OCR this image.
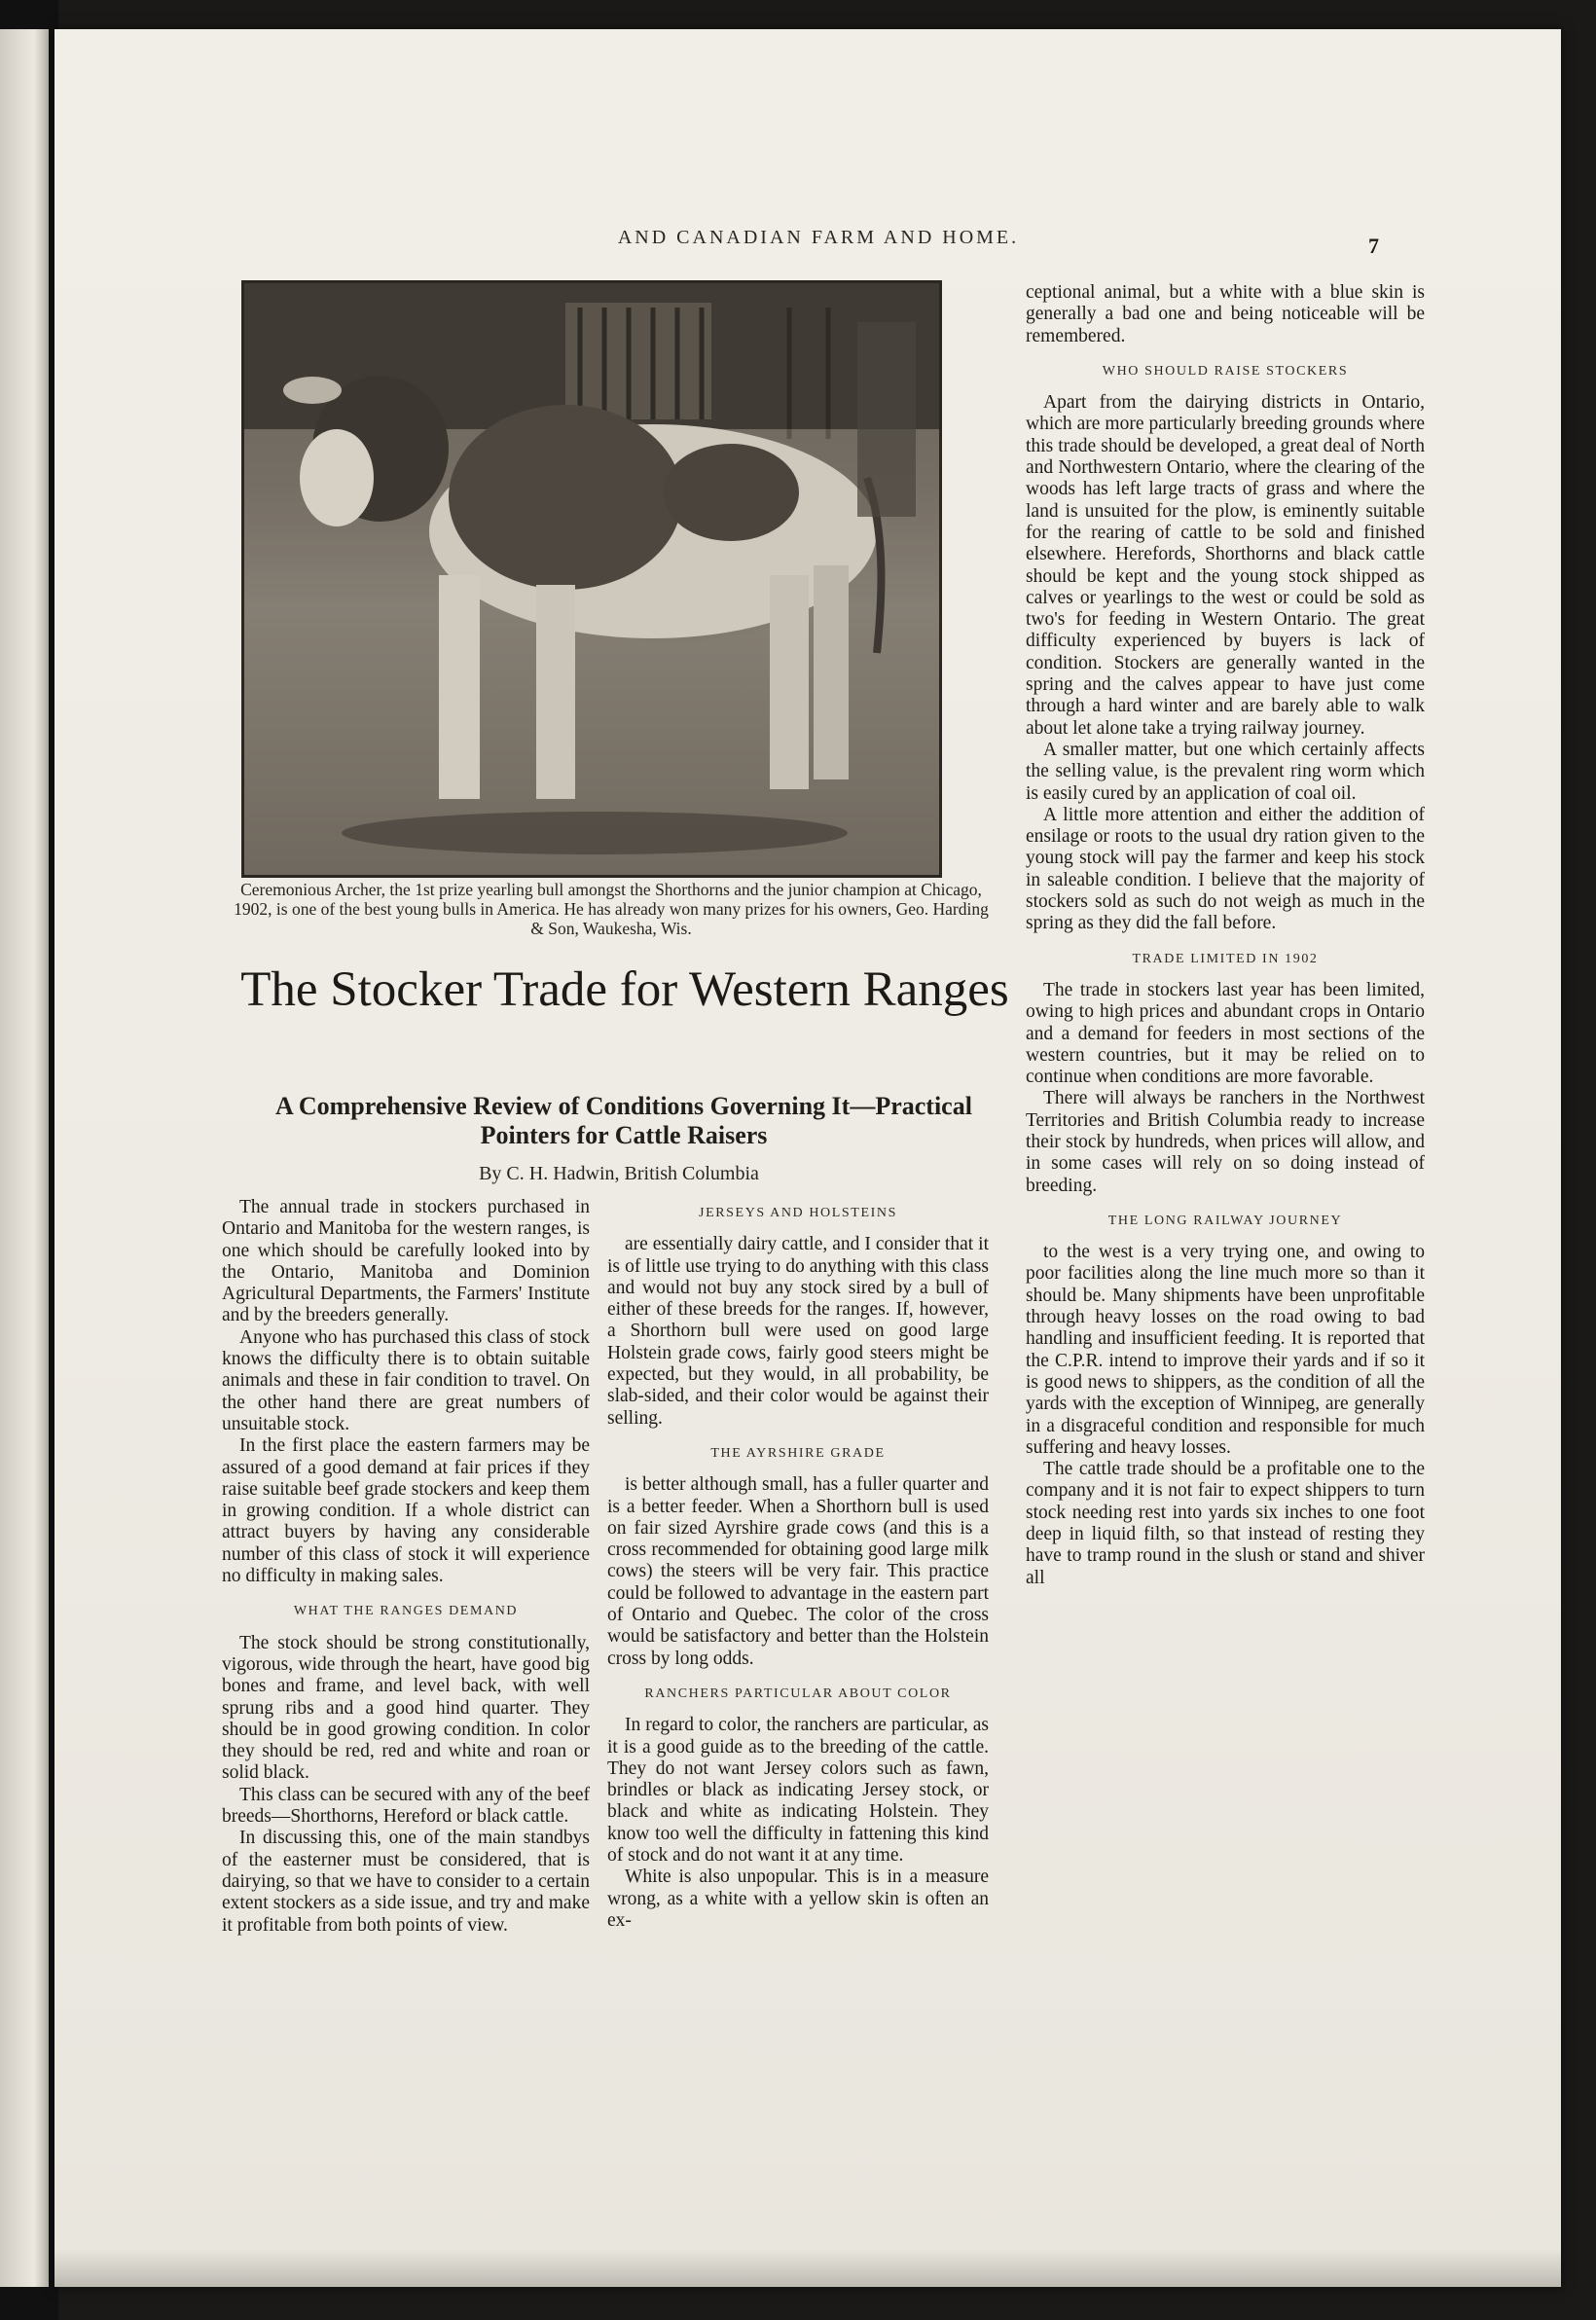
AND CANADIAN FARM AND HOME.	7
Ceremonious Archer, the 1st prize yearling bull amongst the Shorthorns and the junior champion at Chicago, 1902, is one of the best young bulls in America. He has already won many prizes for his owners, Geo. Harding & Son, Waukesha, Wis.
The Stocker Trade for Western Ranges
A Comprehensive Review of Conditions Governing It—Practical Pointers for Cattle Raisers
By C. H. Hadwin, British Columbia

The annual trade in stockers purchased in Ontario and Manitoba for the western ranges, is one which should be carefully looked into by the Ontario, Manitoba and Dominion Agricultural Departments, the Farmers' Institute and by the breeders generally.

Anyone who has purchased this class of stock knows the difficulty there is to obtain suitable animals and these in fair condition to travel. On the other hand there are great numbers of unsuitable stock.

In the first place the eastern farmers may be assured of a good demand at fair prices if they raise suitable beef grade stockers and keep them in growing condition. If a whole district can attract buyers by having any considerable number of this class of stock it will experience no difficulty in making sales.

WHAT THE RANGES DEMAND

The stock should be strong constitutionally, vigorous, wide through the heart, have good big bones and frame, and level back, with well sprung ribs and a good hind quarter. They should be in good growing condition. In color they should be red, red and white and roan or solid black.

This class can be secured with any of the beef breeds—Shorthorns, Hereford or black cattle.

In discussing this, one of the main standbys of the easterner must be considered, that is dairying, so that we have to consider to a certain extent stockers as a side issue, and try and make it profitable from both points of view.

JERSEYS AND HOLSTEINS

are essentially dairy cattle, and I consider that it is of little use trying to do anything with this class and would not buy any stock sired by a bull of either of these breeds for the ranges. If, however, a Shorthorn bull were used on good large Holstein grade cows, fairly good steers might be expected, but they would, in all probability, be slab-sided, and their color would be against their selling.

THE AYRSHIRE GRADE

is better although small, has a fuller quarter and is a better feeder. When a Shorthorn bull is used on fair sized Ayrshire grade cows (and this is a cross recommended for obtaining good large milk cows) the steers will be very fair. This practice could be followed to advantage in the eastern part of Ontario and Quebec. The color of the cross would be satisfactory and better than the Holstein cross by long odds.

RANCHERS PARTICULAR ABOUT COLOR

In regard to color, the ranchers are particular, as it is a good guide as to the breeding of the cattle. They do not want Jersey colors such as fawn, brindles or black as indicating Jersey stock, or black and white as indicating Holstein. They know too well the difficulty in fattening this kind of stock and do not want it at any time.

White is also unpopular. This is in a measure wrong, as a white with a yellow skin is often an ex-

ceptional animal, but a white with a blue skin is generally a bad one and being noticeable will be remembered.

WHO SHOULD RAISE STOCKERS

Apart from the dairying districts in Ontario, which are more particularly breeding grounds where this trade should be developed, a great deal of North and Northwestern Ontario, where the clearing of the woods has left large tracts of grass and where the land is unsuited for the plow, is eminently suitable for the rearing of cattle to be sold and finished elsewhere. Herefords, Shorthorns and black cattle should be kept and the young stock shipped as calves or yearlings to the west or could be sold as two's for feeding in Western Ontario. The great difficulty experienced by buyers is lack of condition. Stockers are generally wanted in the spring and the calves appear to have just come through a hard winter and are barely able to walk about let alone take a trying railway journey.

A smaller matter, but one which certainly affects the selling value, is the prevalent ring worm which is easily cured by an application of coal oil.

A little more attention and either the addition of ensilage or roots to the usual dry ration given to the young stock will pay the farmer and keep his stock in saleable condition. I believe that the majority of stockers sold as such do not weigh as much in the spring as they did the fall before.

TRADE LIMITED IN 1902

The trade in stockers last year has been limited, owing to high prices and abundant crops in Ontario and a demand for feeders in most sections of the western countries, but it may be relied on to continue when conditions are more favorable.

There will always be ranchers in the Northwest Territories and British Columbia ready to increase their stock by hundreds, when prices will allow, and in some cases will rely on so doing instead of breeding.

THE LONG RAILWAY JOURNEY

to the west is a very trying one, and owing to poor facilities along the line much more so than it should be. Many shipments have been unprofitable through heavy losses on the road owing to bad handling and insufficient feeding. It is reported that the C.P.R. intend to improve their yards and if so it is good news to shippers, as the condition of all the yards with the exception of Winnipeg, are generally in a disgraceful condition and responsible for much suffering and heavy losses.

The cattle trade should be a profitable one to the company and it is not fair to expect shippers to turn stock needing rest into yards six inches to one foot deep in liquid filth, so that instead of resting they have to tramp round in the slush or stand and shiver all
